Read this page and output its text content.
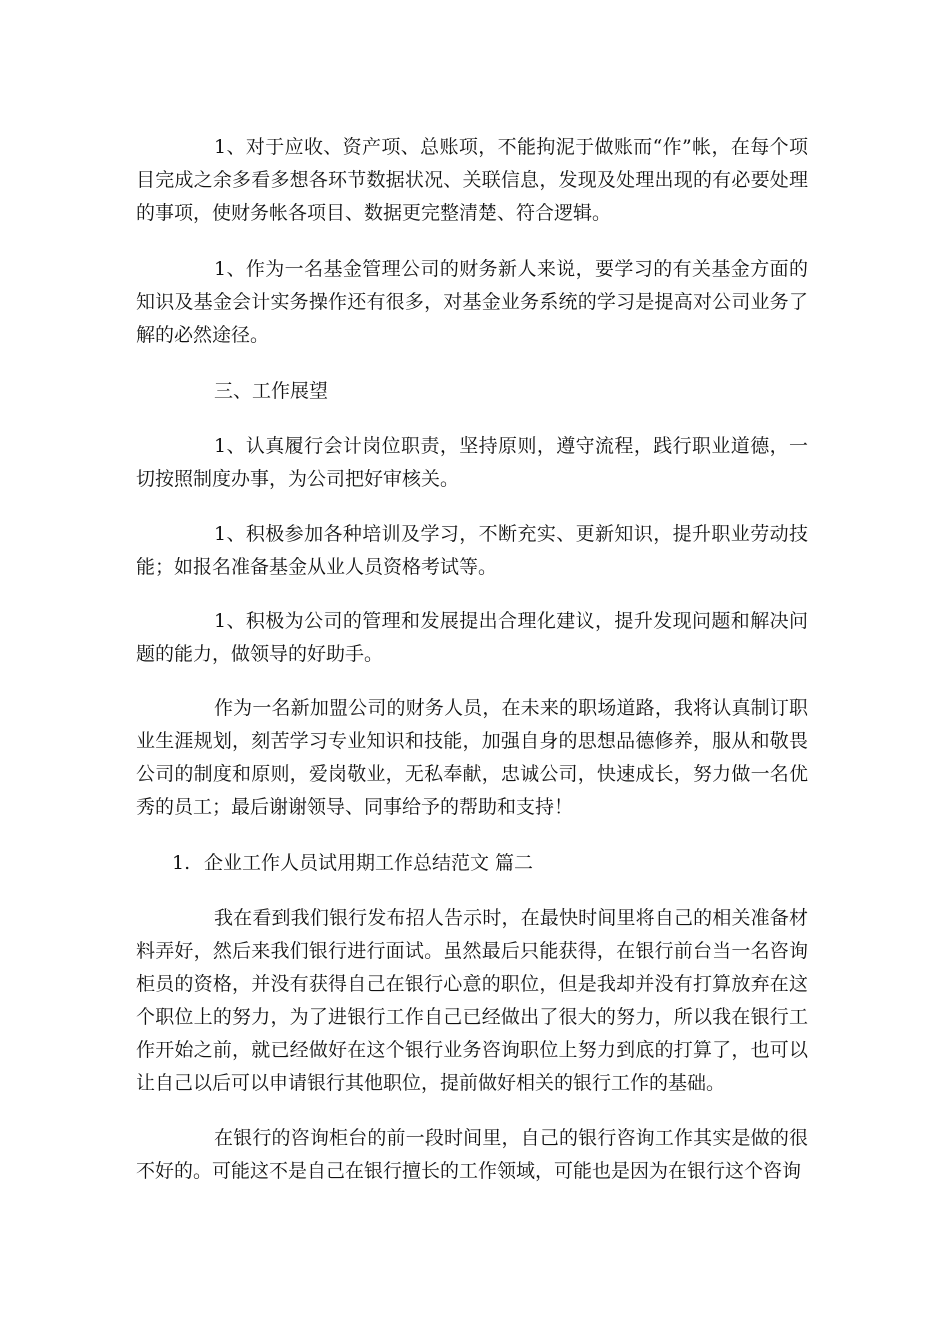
1、对于应收、资产项、总账项，不能拘泥于做账而“作”帐，在每个项目完成之余多看多想各环节数据状况、关联信息，发现及处理出现的有必要处理的事项，使财务帐各项目、数据更完整清楚、符合逻辑。

1、作为一名基金管理公司的财务新人来说，要学习的有关基金方面的知识及基金会计实务操作还有很多，对基金业务系统的学习是提高对公司业务了解的必然途径。

三、工作展望

1、认真履行会计岗位职责，坚持原则，遵守流程，践行职业道德，一切按照制度办事，为公司把好审核关。

1、积极参加各种培训及学习，不断充实、更新知识，提升职业劳动技能；如报名准备基金从业人员资格考试等。

1、积极为公司的管理和发展提出合理化建议，提升发现问题和解决问题的能力，做领导的好助手。

作为一名新加盟公司的财务人员，在未来的职场道路，我将认真制订职业生涯规划，刻苦学习专业知识和技能，加强自身的思想品德修养，服从和敬畏公司的制度和原则，爱岗敬业，无私奉献，忠诚公司，快速成长，努力做一名优秀的员工；最后谢谢领导、同事给予的帮助和支持！

1. 企业工作人员试用期工作总结范文 篇二

我在看到我们银行发布招人告示时，在最快时间里将自己的相关准备材料弄好，然后来我们银行进行面试。虽然最后只能获得，在银行前台当一名咨询柜员的资格，并没有获得自己在银行心意的职位，但是我却并没有打算放弃在这个职位上的努力，为了进银行工作自己已经做出了很大的努力，所以我在银行工作开始之前，就已经做好在这个银行业务咨询职位上努力到底的打算了，也可以让自己以后可以申请银行其他职位，提前做好相关的银行工作的基础。

在银行的咨询柜台的前一段时间里，自己的银行咨询工作其实是做的很不好的。可能这不是自己在银行擅长的工作领域，可能也是因为在银行这个咨询
